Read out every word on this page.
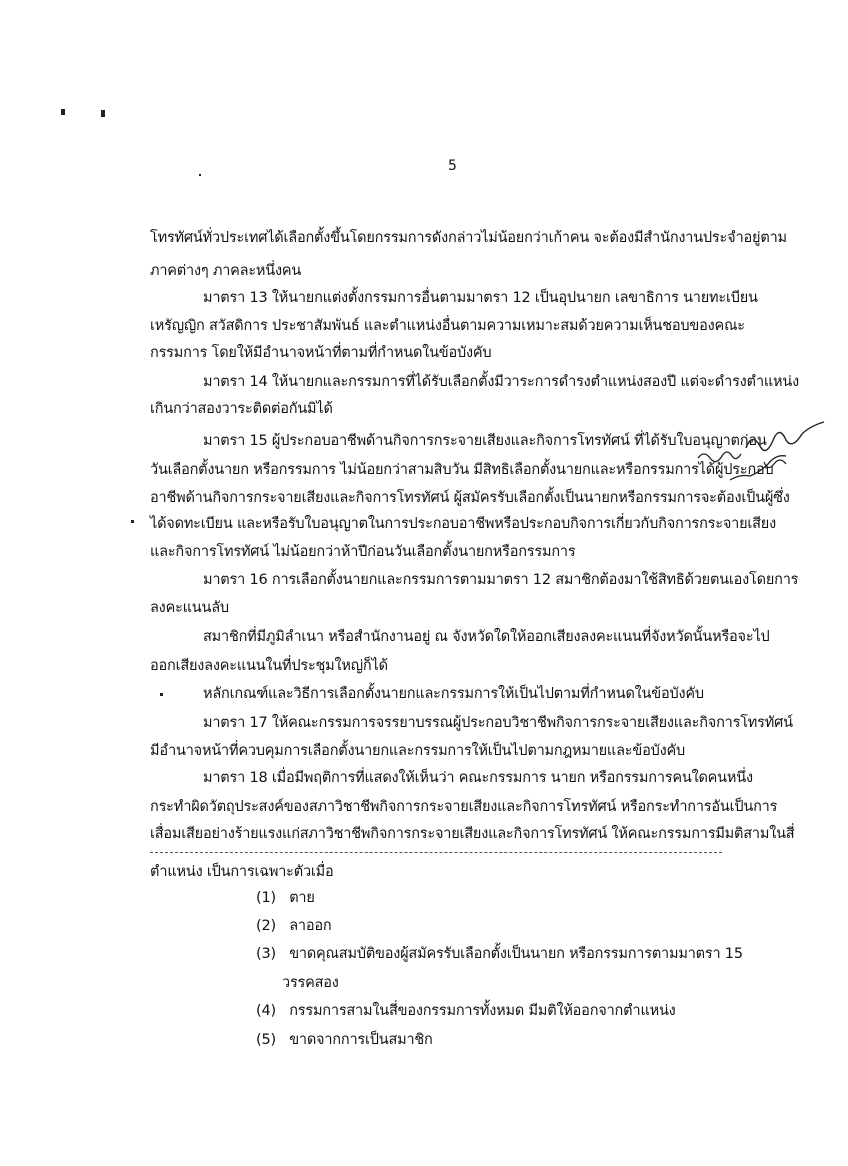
5
โทรทัศน์ทั่วประเทศได้เลือกตั้งขึ้นโดยกรรมการดังกล่าวไม่น้อยกว่าเก้าคน จะต้องมีสำนักงานประจำอยู่ตาม
ภาคต่างๆ ภาคละหนึ่งคน
มาตรา 13 ให้นายกแต่งตั้งกรรมการอื่นตามมาตรา 12 เป็นอุปนายก เลขาธิการ นายทะเบียน
เหรัญญิก สวัสดิการ ประชาสัมพันธ์ และตำแหน่งอื่นตามความเหมาะสมด้วยความเห็นชอบของคณะ
กรรมการ โดยให้มีอำนาจหน้าที่ตามที่กำหนดในข้อบังคับ
มาตรา 14 ให้นายกและกรรมการที่ได้รับเลือกตั้งมีวาระการดำรงตำแหน่งสองปี แต่จะดำรงตำแหน่ง
เกินกว่าสองวาระติดต่อกันมิได้
มาตรา 15 ผู้ประกอบอาชีพด้านกิจการกระจายเสียงและกิจการโทรทัศน์ ที่ได้รับใบอนุญาตก่อน
วันเลือกตั้งนายก หรือกรรมการ ไม่น้อยกว่าสามสิบวัน มีสิทธิเลือกตั้งนายกและหรือกรรมการได้ผู้ประกอบ
อาชีพด้านกิจการกระจายเสียงและกิจการโทรทัศน์ ผู้สมัครรับเลือกตั้งเป็นนายกหรือกรรมการจะต้องเป็นผู้ซึ่ง
ได้จดทะเบียน และหรือรับใบอนุญาตในการประกอบอาชีพหรือประกอบกิจการเกี่ยวกับกิจการกระจายเสียง
และกิจการโทรทัศน์ ไม่น้อยกว่าห้าปีก่อนวันเลือกตั้งนายกหรือกรรมการ
มาตรา 16 การเลือกตั้งนายกและกรรมการตามมาตรา 12 สมาชิกต้องมาใช้สิทธิด้วยตนเองโดยการ
ลงคะแนนลับ
สมาชิกที่มีภูมิลำเนา หรือสำนักงานอยู่ ณ จังหวัดใดให้ออกเสียงลงคะแนนที่จังหวัดนั้นหรือจะไป
ออกเสียงลงคะแนนในที่ประชุมใหญ่ก็ได้
หลักเกณฑ์และวิธีการเลือกตั้งนายกและกรรมการให้เป็นไปตามที่กำหนดในข้อบังคับ
มาตรา 17 ให้คณะกรรมการจรรยาบรรณผู้ประกอบวิชาชีพกิจการกระจายเสียงและกิจการโทรทัศน์
มีอำนาจหน้าที่ควบคุมการเลือกตั้งนายกและกรรมการให้เป็นไปตามกฎหมายและข้อบังคับ
มาตรา 18 เมื่อมีพฤติการที่แสดงให้เห็นว่า คณะกรรมการ นายก หรือกรรมการคนใดคนหนึ่ง
กระทำผิดวัตถุประสงค์ของสภาวิชาชีพกิจการกระจายเสียงและกิจการโทรทัศน์ หรือกระทำการอันเป็นการ
เสื่อมเสียอย่างร้ายแรงแก่สภาวิชาชีพกิจการกระจายเสียงและกิจการโทรทัศน์ ให้คณะกรรมการมีมติสามในสี่
ตำแหน่ง เป็นการเฉพาะตัวเมื่อ
(1) ตาย
(2) ลาออก
(3) ขาดคุณสมบัติของผู้สมัครรับเลือกตั้งเป็นนายก หรือกรรมการตามมาตรา 15
วรรคสอง
(4) กรรมการสามในสี่ของกรรมการทั้งหมด มีมติให้ออกจากตำแหน่ง
(5) ขาดจากการเป็นสมาชิก
